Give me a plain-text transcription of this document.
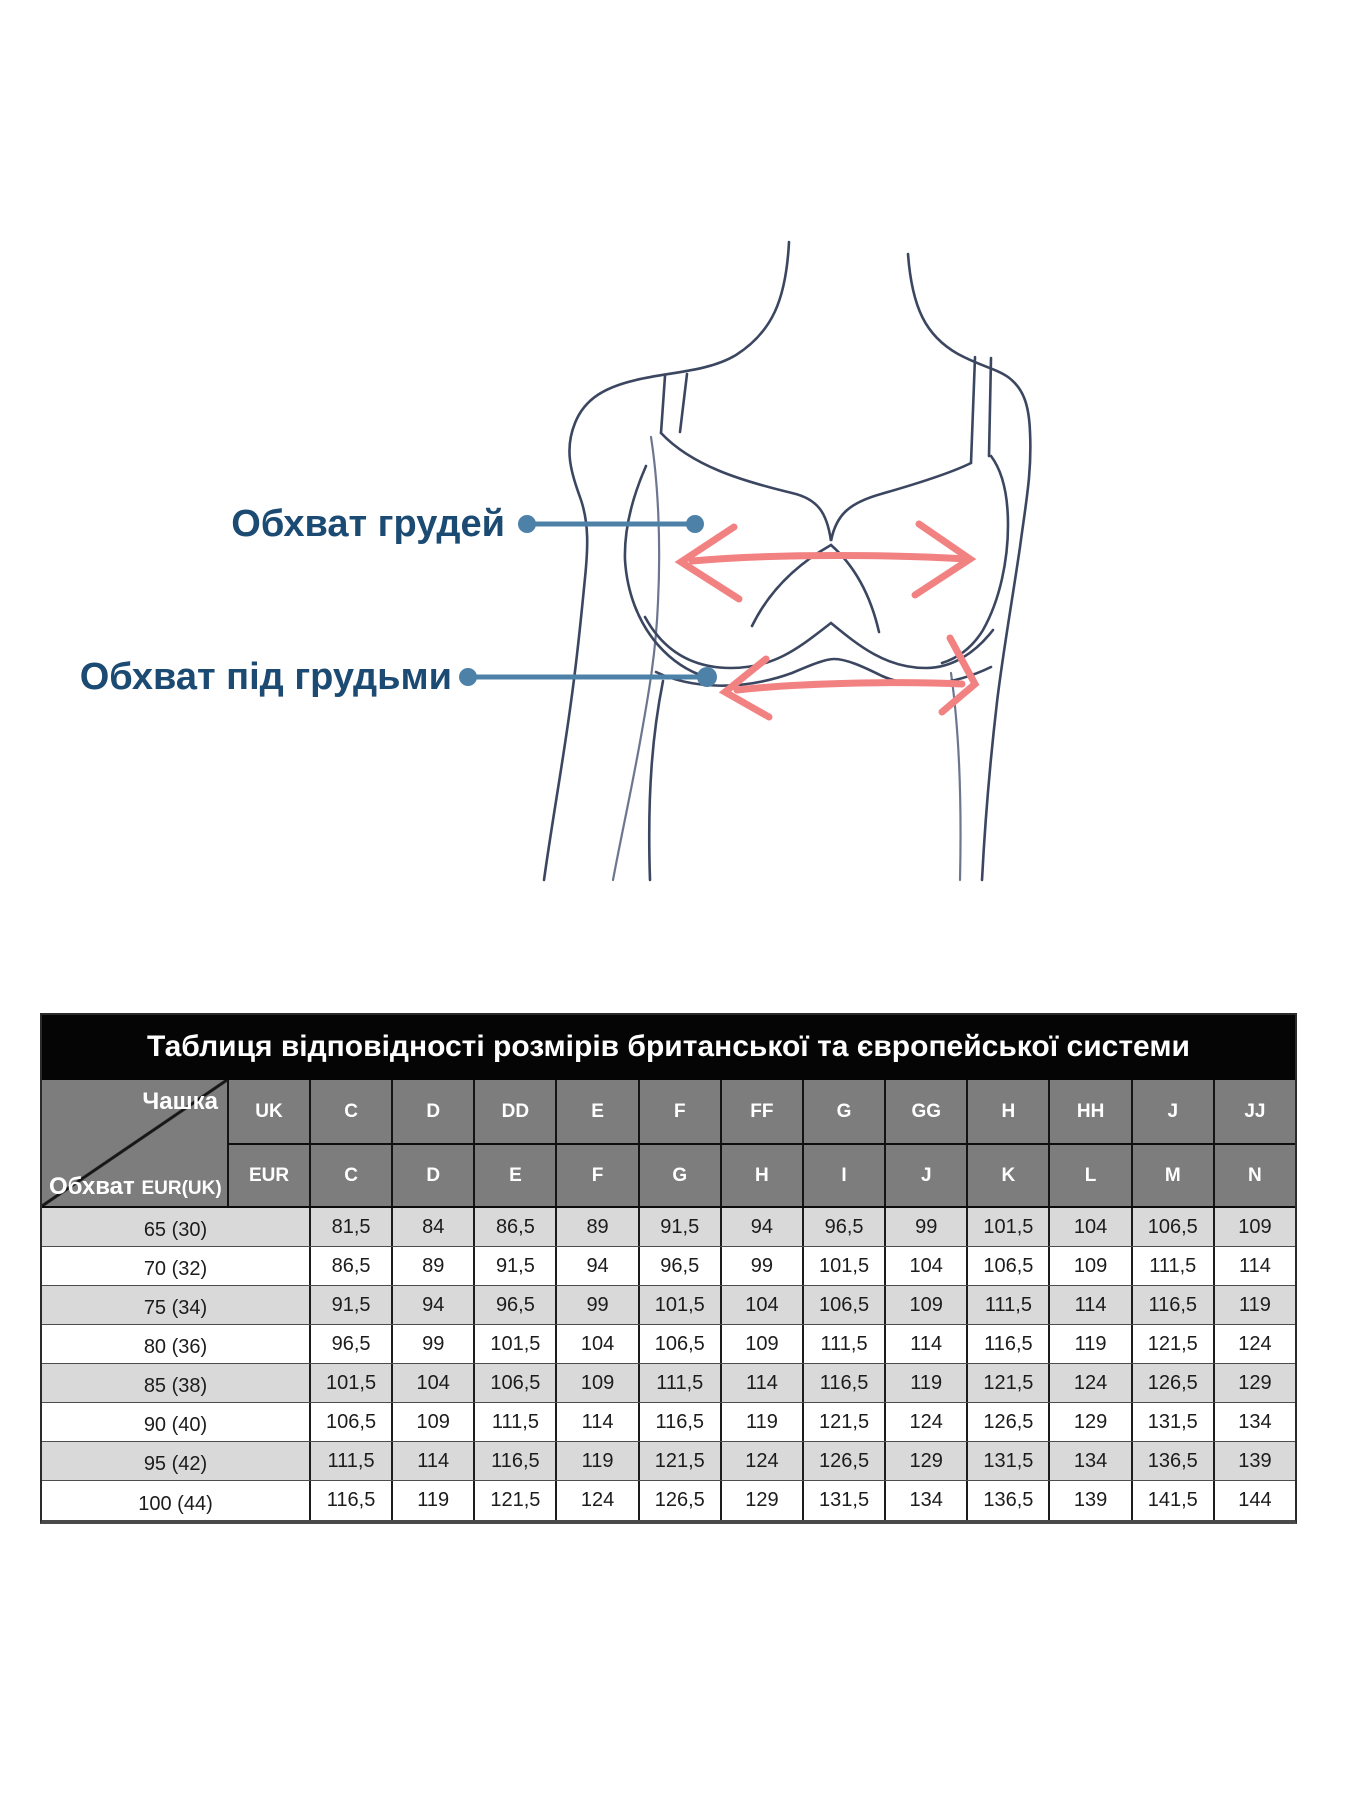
Обхват грудей
Обхват під грудьми
Таблиця відповідності розмірів британської та європейської системи
Чашка
Обхват EUR(UK)
UK	C	D	DD	E	F	FF	G	GG	H	HH	J	JJ
EUR	C	D	E	F	G	H	I	J	K	L	M	N
65 (30)	81,5	84	86,5	89	91,5	94	96,5	99	101,5	104	106,5	109
70 (32)	86,5	89	91,5	94	96,5	99	101,5	104	106,5	109	111,5	114
75 (34)	91,5	94	96,5	99	101,5	104	106,5	109	111,5	114	116,5	119
80 (36)	96,5	99	101,5	104	106,5	109	111,5	114	116,5	119	121,5	124
85 (38)	101,5	104	106,5	109	111,5	114	116,5	119	121,5	124	126,5	129
90 (40)	106,5	109	111,5	114	116,5	119	121,5	124	126,5	129	131,5	134
95 (42)	111,5	114	116,5	119	121,5	124	126,5	129	131,5	134	136,5	139
100 (44)	116,5	119	121,5	124	126,5	129	131,5	134	136,5	139	141,5	144
